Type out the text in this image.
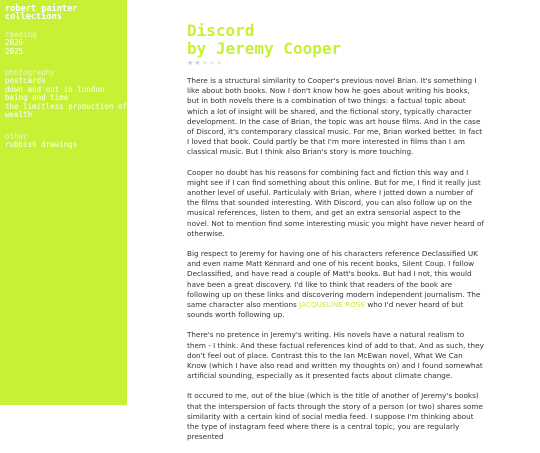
robert painter
collections
reading
2026
2025
photography
postcards
down and out in london
being and time
the limitless production of wealth
other
rubbish drawings
Discord
by Jeremy Cooper
★★★★★

There is a structural similarity to Cooper's previous novel Brian. It's something I like about both books. Now I don't know how he goes about writing his books, but in both novels there is a combination of two things: a factual topic about which a lot of insight will be shared, and the fictional story, typically character development. In the case of Brian, the topic was art house films. And in the case of Discord, it's contemporary classical music. For me, Brian worked better. In fact I loved that book. Could partly be that I'm more interested in films than I am classical music. But I think also Brian's story is more touching.

Cooper no doubt has his reasons for combining fact and fiction this way and I might see if I can find something about this online. But for me, I find it really just another level of useful. Particulaly with Brian, where I jotted down a number of the films that sounded interesting. With Discord, you can also follow up on the musical references, listen to them, and get an extra sensorial aspect to the novel. Not to mention find some interesting music you might have never heard of otherwise.

Big respect to Jeremy for having one of his characters reference Declassified UK and even name Matt Kennard and one of his recent books, Silent Coup. I follow Declassified, and have read a couple of Matt's books. But had I not, this would have been a great discovery. I'd like to think that readers of the book are following up on these links and discovering modern independent journalism. The same character also mentions JACQUELINE ROSE who I'd never heard of but sounds worth following up.

There's no pretence in Jeremy's writing. His novels have a natural realism to them - I think. And these factual references kind of add to that. And as such, they don't feel out of place. Contrast this to the Ian McEwan novel, What We Can Know (which I have also read and written my thoughts on) and I found somewhat artificial sounding, especially as it presented facts about climate change.

It occured to me, out of the blue (which is the title of another of Jeremy's books) that the interspersion of facts through the story of a person (or two) shares some similarity with a certain kind of social media feed. I suppose I'm thinking about the type of instagram feed where there is a central topic, you are regularly presented
